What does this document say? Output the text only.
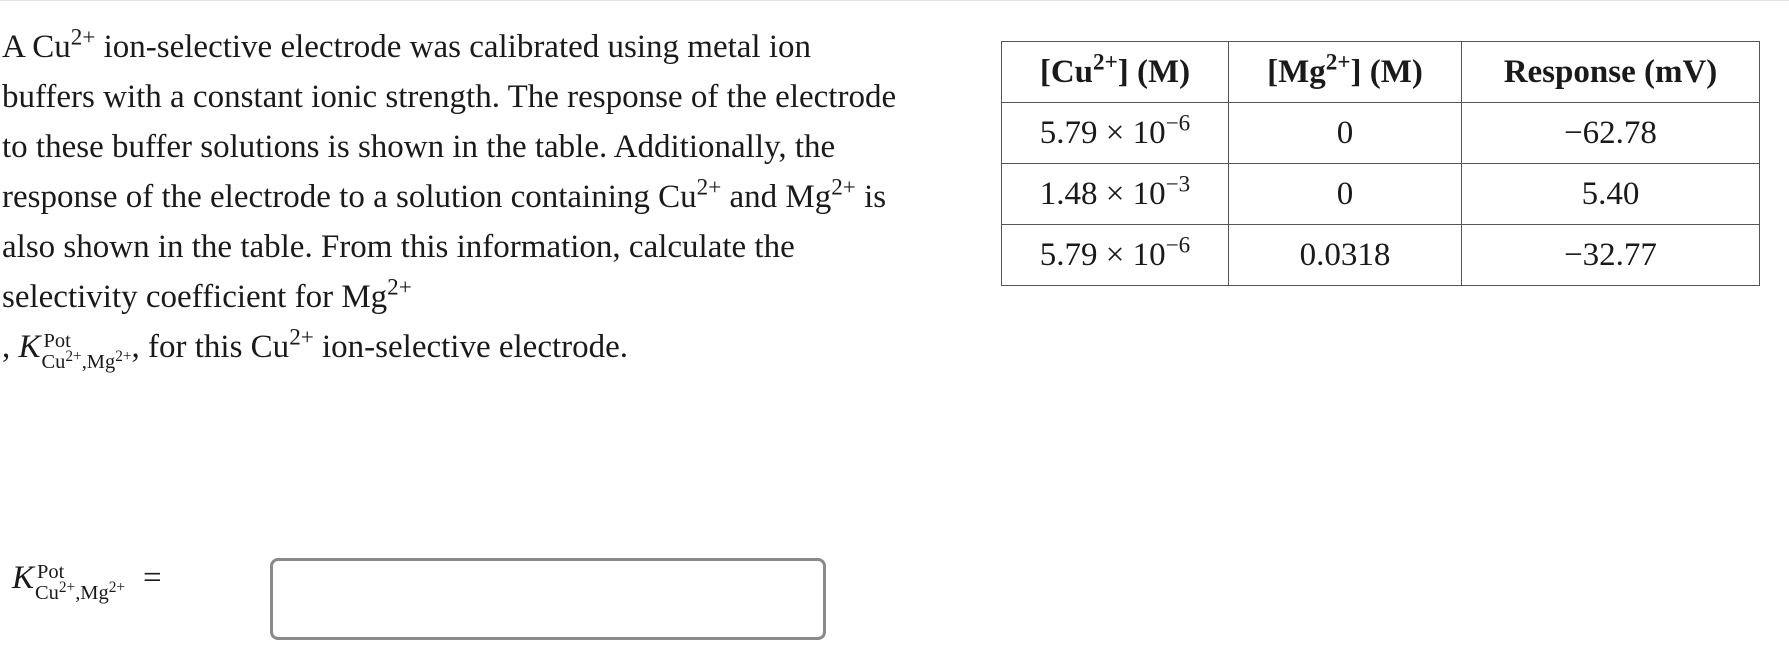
A $Cu^{2+}$ ion-selective electrode was calibrated using metal ion buffers with a constant ionic strength. The response of the electrode to these buffer solutions is shown in the table. Additionally, the response of the electrode to a solution containing $Cu^{2+}$ and $Mg^{2+}$ is also shown in the table. From this information, calculate the selectivity coefficient for $Mg^{2+}$
, K Pot
$Cu^{2+},Mg^{2+}$ , for this $Cu^{2+}$ ion-selective electrode.

$[Cu^{2+}]$ (M)	$[Mg^{2+}]$ (M)	Response (mV)
$5.79 \times 10^{-6}$	0	−62.78
$1.48 \times 10^{-3}$	0	5.40
$5.79 \times 10^{-6}$	0.0318	−32.77
K Pot
$Cu^{2+},Mg^{2+}$ =
